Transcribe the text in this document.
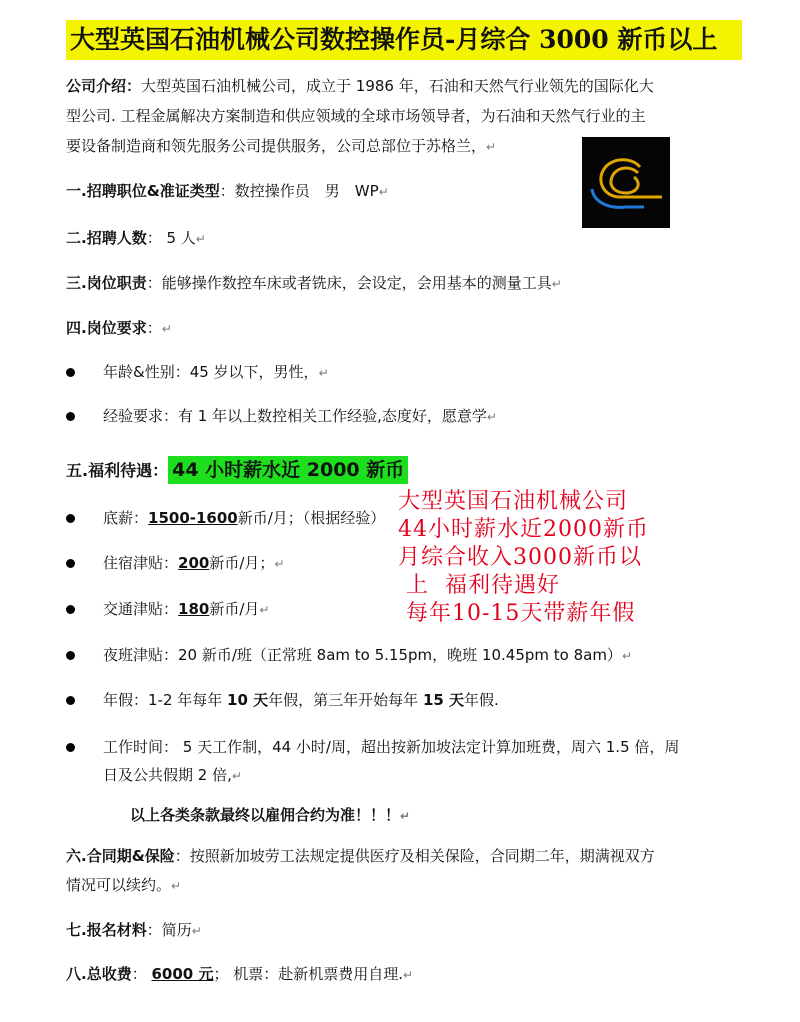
大型英国石油机械公司数控操作员-月综合 3000 新币以上
公司介绍：大型英国石油机械公司，成立于 1986 年，石油和天然气行业领先的国际化大
型公司. 工程金属解决方案制造和供应领域的全球市场领导者，为石油和天然气行业的主
要设备制造商和领先服务公司提供服务，公司总部位于苏格兰，↵
一.招聘职位&准证类型：数控操作员　男　WP↵
二.招聘人数： 5 人↵
三.岗位职责：能够操作数控车床或者铣床，会设定，会用基本的测量工具↵
四.岗位要求：↵
年龄&性别：45 岁以下，男性，↵
经验要求：有 1 年以上数控相关工作经验,态度好，愿意学↵
五.福利待遇： 44 小时薪水近 2000 新币
底薪：1500-1600新币/月；（根据经验）
住宿津贴：200新币/月；↵
交通津贴：180新币/月↵
夜班津贴：20 新币/班（正常班 8am to 5.15pm，晚班 10.45pm to 8am）↵
年假：1-2 年每年 10 天年假，第三年开始每年 15 天年假.
工作时间： 5 天工作制，44 小时/周，超出按新加坡法定计算加班费，周六 1.5 倍，周
日及公共假期 2 倍,↵
以上各类条款最终以雇佣合约为准！！！↵
六.合同期&保险：按照新加坡劳工法规定提供医疗及相关保险，合同期二年，期满视双方
情况可以续约。↵
七.报名材料：简历↵
八.总收费： 6000 元； 机票：赴新机票费用自理.↵
大型英国石油机械公司
44小时薪水近2000新币
月综合收入3000新币以
上  福利待遇好
每年10-15天带薪年假
